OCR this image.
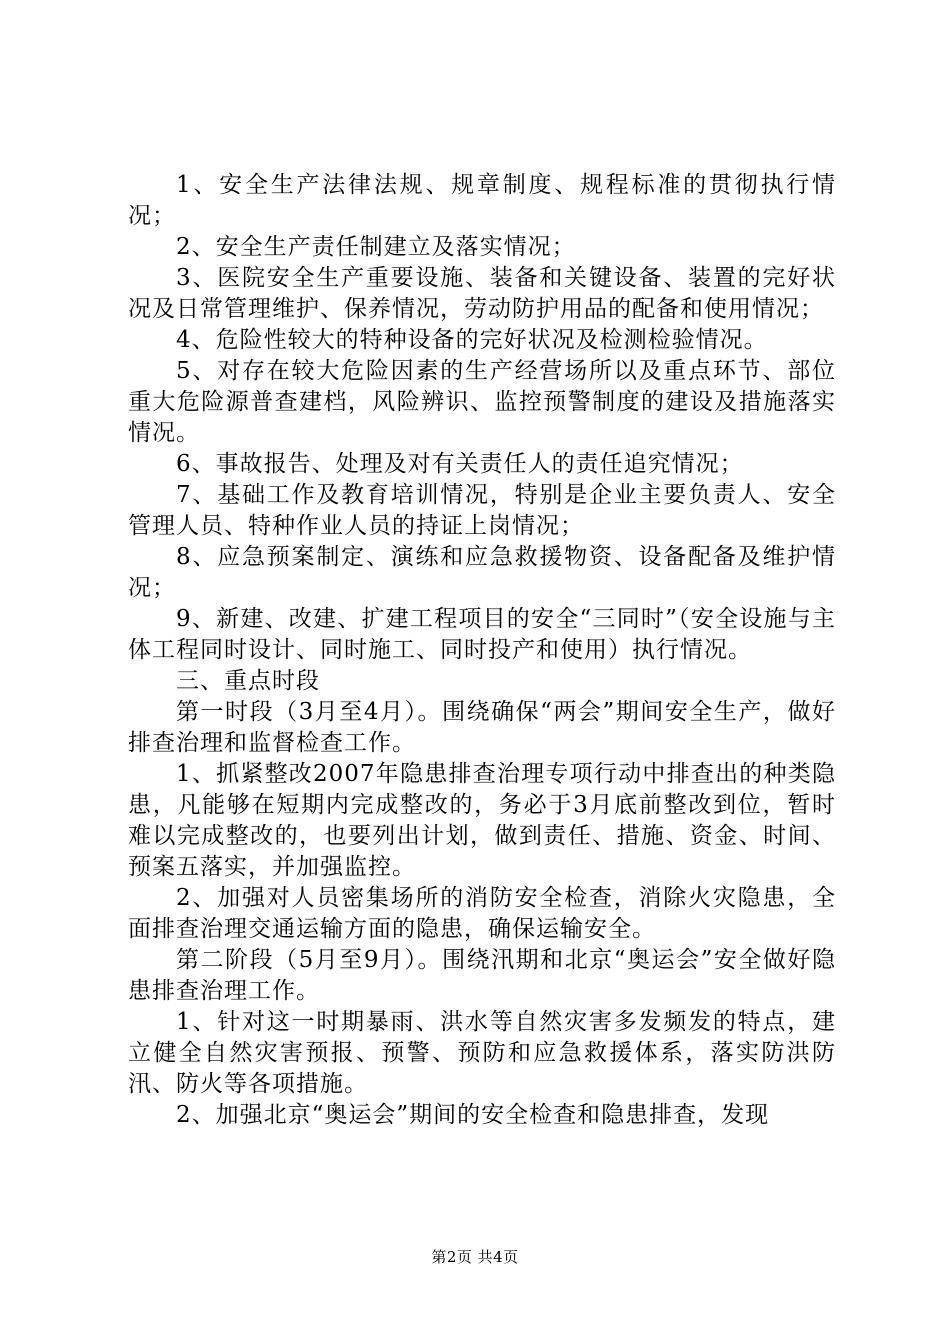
1、安全生产法律法规、规章制度、规程标准的贯彻执行情况；

2、安全生产责任制建立及落实情况；

3、医院安全生产重要设施、装备和关键设备、装置的完好状况及日常管理维护、保养情况，劳动防护用品的配备和使用情况；

4、危险性较大的特种设备的完好状况及检测检验情况。

5、对存在较大危险因素的生产经营场所以及重点环节、部位重大危险源普查建档，风险辨识、监控预警制度的建设及措施落实情况。

6、事故报告、处理及对有关责任人的责任追究情况；

7、基础工作及教育培训情况，特别是企业主要负责人、安全管理人员、特种作业人员的持证上岗情况；

8、应急预案制定、演练和应急救援物资、设备配备及维护情况；

9、新建、改建、扩建工程项目的安全“三同时”（安全设施与主体工程同时设计、同时施工、同时投产和使用）执行情况。

三、重点时段

第一时段（3月至4月）。围绕确保“两会”期间安全生产，做好排查治理和监督检查工作。

1、抓紧整改2007年隐患排查治理专项行动中排查出的种类隐患，凡能够在短期内完成整改的，务必于3月底前整改到位，暂时难以完成整改的，也要列出计划，做到责任、措施、资金、时间、预案五落实，并加强监控。

2、加强对人员密集场所的消防安全检查，消除火灾隐患，全面排查治理交通运输方面的隐患，确保运输安全。

第二阶段（5月至9月）。围绕汛期和北京“奥运会”安全做好隐患排查治理工作。

1、针对这一时期暴雨、洪水等自然灾害多发频发的特点，建立健全自然灾害预报、预警、预防和应急救援体系，落实防洪防汛、防火等各项措施。

2、加强北京“奥运会”期间的安全检查和隐患排查，发现

第2页 共4页
